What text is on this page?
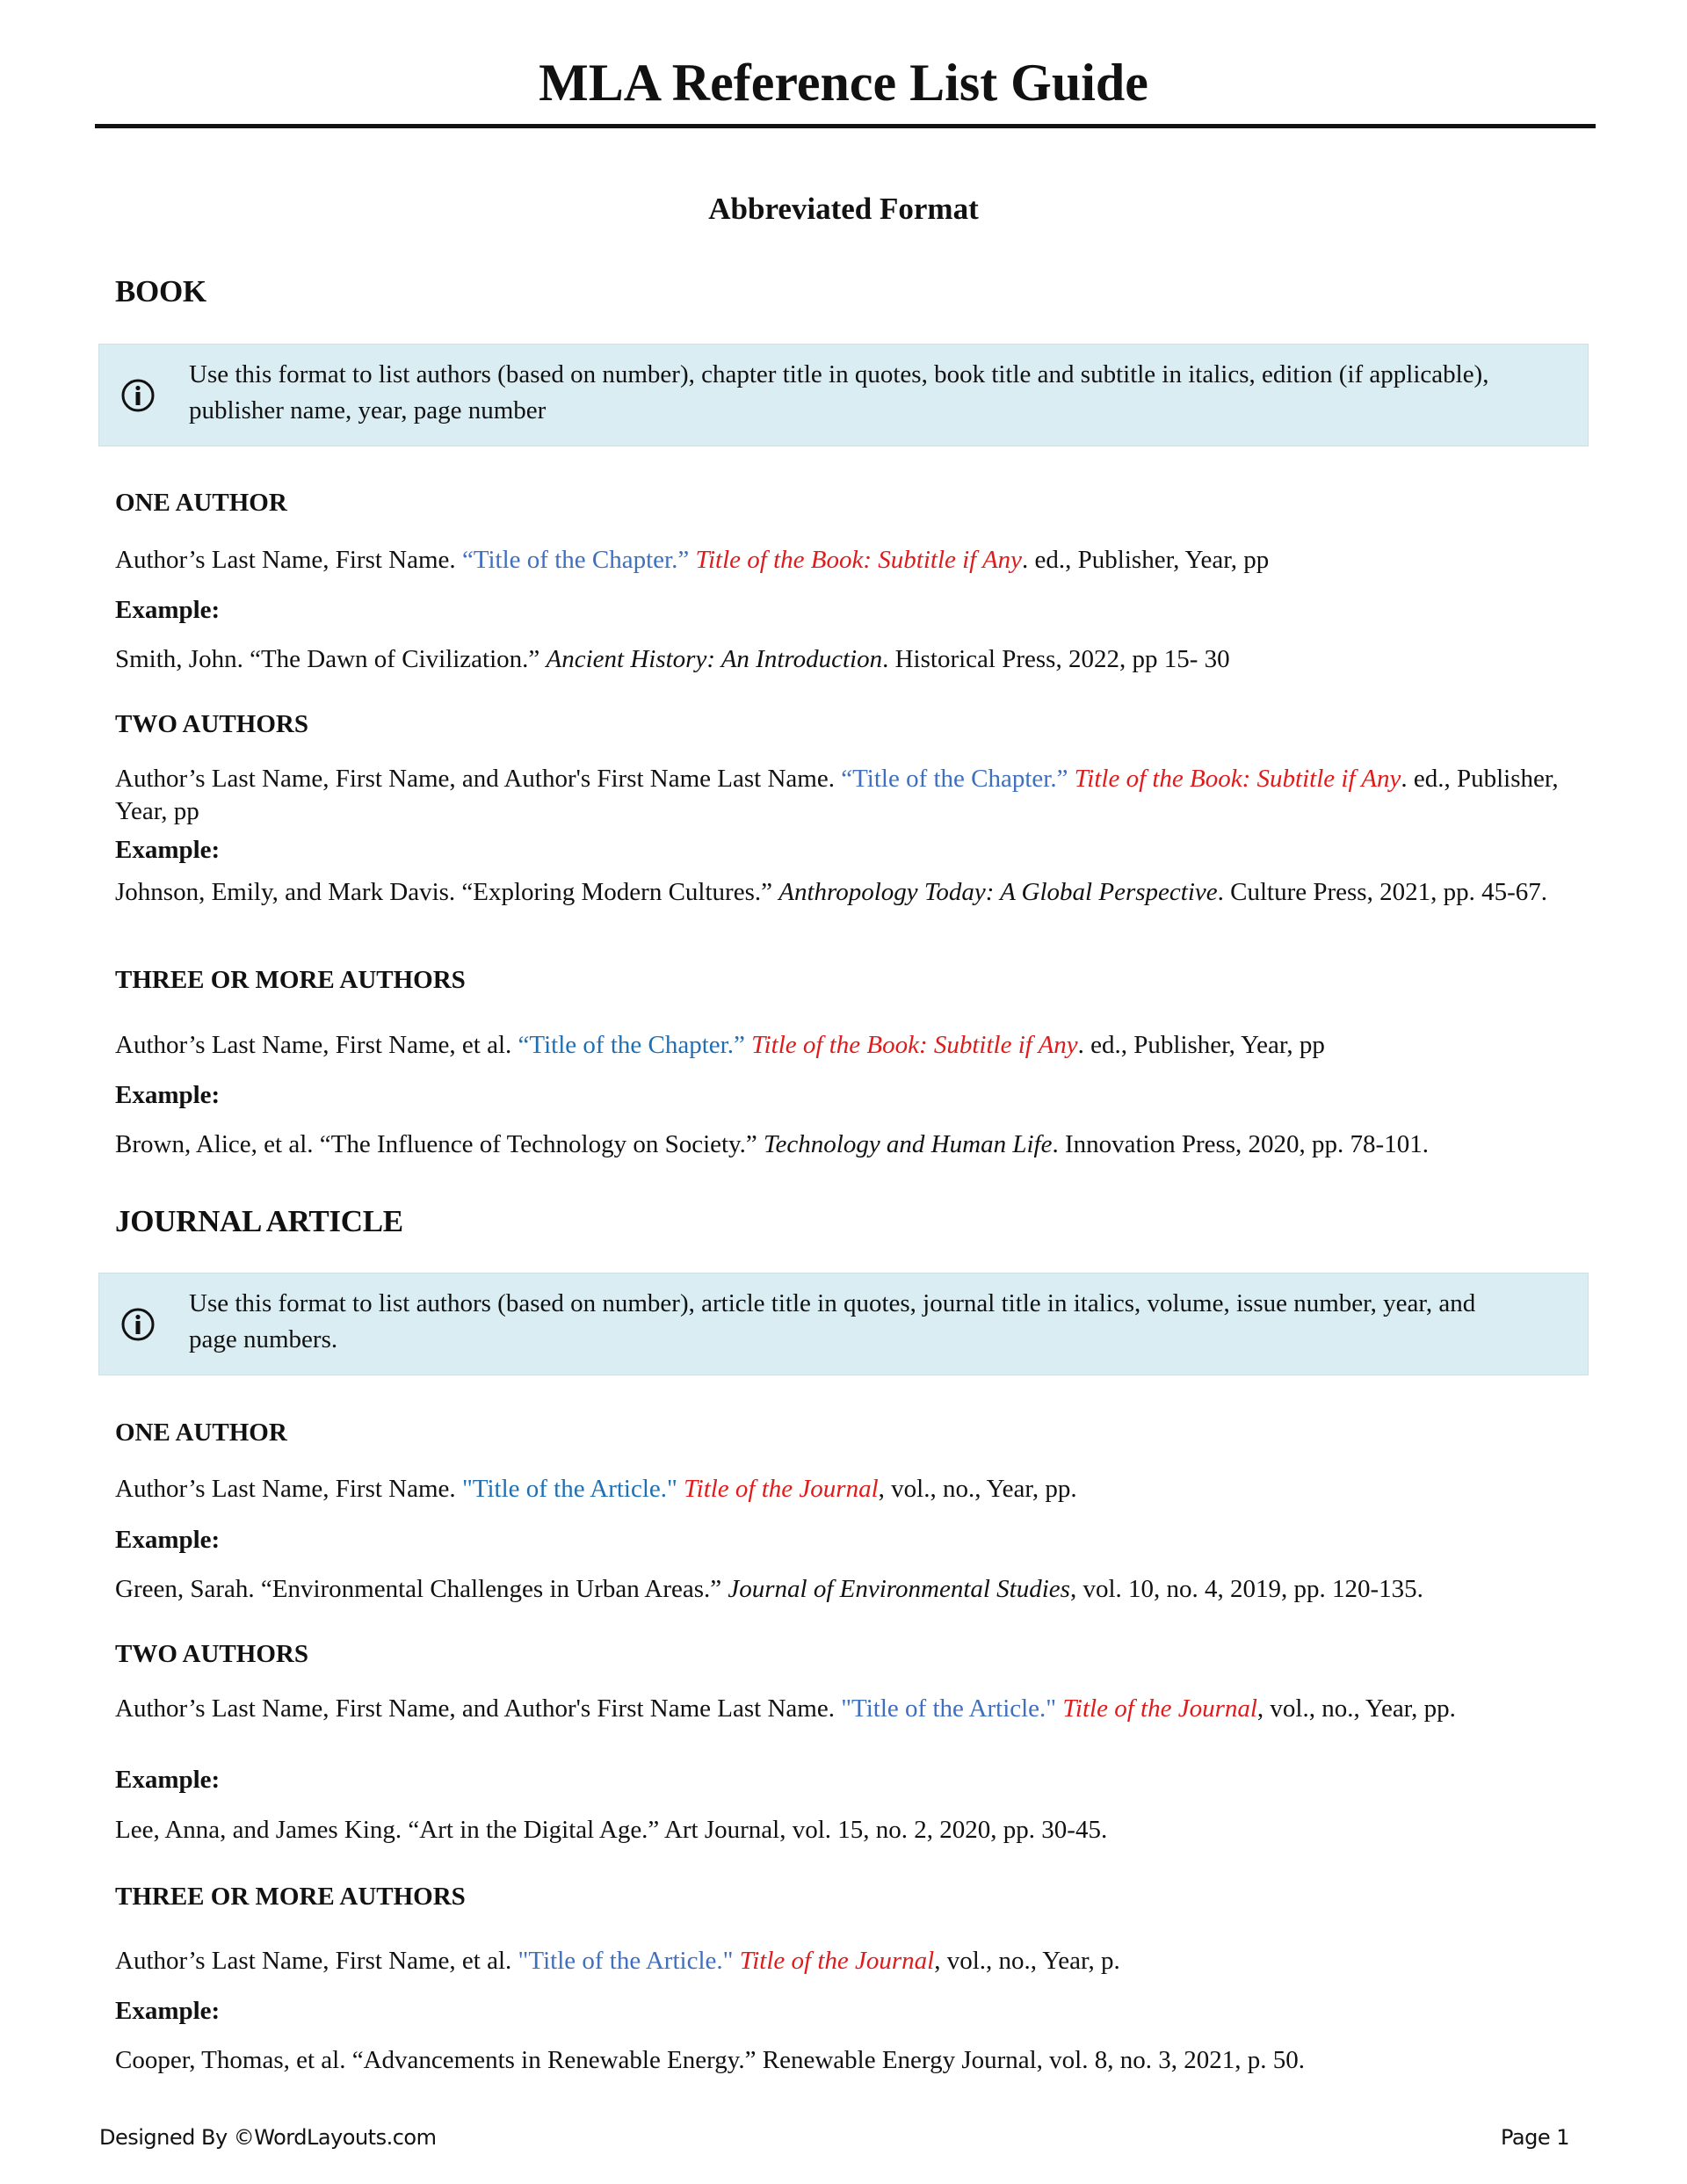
MLA Reference List Guide
Abbreviated Format
BOOK
Use this format to list authors (based on number), chapter title in quotes, book title and subtitle in italics, edition (if applicable), publisher name, year, page number
ONE AUTHOR
Author’s Last Name, First Name. “Title of the Chapter.” Title of the Book: Subtitle if Any. ed., Publisher, Year, pp
Example:
Smith, John. “The Dawn of Civilization.” Ancient History: An Introduction. Historical Press, 2022, pp 15- 30
TWO AUTHORS
Author’s Last Name, First Name, and Author's First Name Last Name. “Title of the Chapter.” Title of the Book: Subtitle if Any. ed., Publisher, Year, pp
Example:
Johnson, Emily, and Mark Davis. “Exploring Modern Cultures.” Anthropology Today: A Global Perspective. Culture Press, 2021, pp. 45-67.
THREE OR MORE AUTHORS
Author’s Last Name, First Name, et al. “Title of the Chapter.” Title of the Book: Subtitle if Any. ed., Publisher, Year, pp
Example:
Brown, Alice, et al. “The Influence of Technology on Society.” Technology and Human Life. Innovation Press, 2020, pp. 78-101.
JOURNAL ARTICLE
Use this format to list authors (based on number), article title in quotes, journal title in italics, volume, issue number, year, and page numbers.
ONE AUTHOR
Author’s Last Name, First Name. "Title of the Article." Title of the Journal, vol., no., Year, pp.
Example:
Green, Sarah. “Environmental Challenges in Urban Areas.” Journal of Environmental Studies, vol. 10, no. 4, 2019, pp. 120-135.
TWO AUTHORS
Author’s Last Name, First Name, and Author's First Name Last Name. "Title of the Article." Title of the Journal, vol., no., Year, pp.
Example:
Lee, Anna, and James King. “Art in the Digital Age.” Art Journal, vol. 15, no. 2, 2020, pp. 30-45.
THREE OR MORE AUTHORS
Author’s Last Name, First Name, et al. "Title of the Article." Title of the Journal, vol., no., Year, p.
Example:
Cooper, Thomas, et al. “Advancements in Renewable Energy.” Renewable Energy Journal, vol. 8, no. 3, 2021, p. 50.
Designed By ©WordLayouts.com	Page 1
